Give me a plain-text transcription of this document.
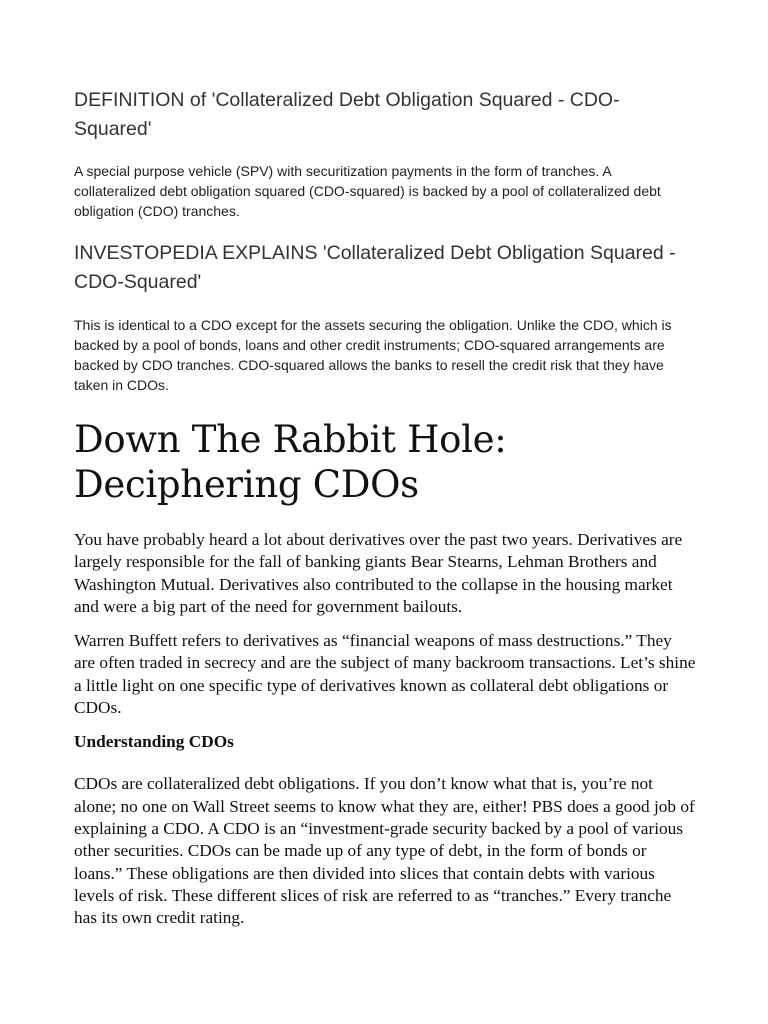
DEFINITION of 'Collateralized Debt Obligation Squared - CDO-Squared'

A special purpose vehicle (SPV) with securitization payments in the form of tranches. A collateralized debt obligation squared (CDO-squared) is backed by a pool of collateralized debt obligation (CDO) tranches.

INVESTOPEDIA EXPLAINS 'Collateralized Debt Obligation Squared - CDO-Squared'

This is identical to a CDO except for the assets securing the obligation. Unlike the CDO, which is backed by a pool of bonds, loans and other credit instruments; CDO-squared arrangements are backed by CDO tranches. CDO-squared allows the banks to resell the credit risk that they have taken in CDOs.

Down The Rabbit Hole: Deciphering CDOs

You have probably heard a lot about derivatives over the past two years. Derivatives are largely responsible for the fall of banking giants Bear Stearns, Lehman Brothers and Washington Mutual. Derivatives also contributed to the collapse in the housing market and were a big part of the need for government bailouts.

Warren Buffett refers to derivatives as “financial weapons of mass destructions.” They are often traded in secrecy and are the subject of many backroom transactions. Let’s shine a little light on one specific type of derivatives known as collateral debt obligations or CDOs.

Understanding CDOs

CDOs are collateralized debt obligations. If you don’t know what that is, you’re not alone; no one on Wall Street seems to know what they are, either! PBS does a good job of explaining a CDO. A CDO is an “investment-grade security backed by a pool of various other securities. CDOs can be made up of any type of debt, in the form of bonds or loans.” These obligations are then divided into slices that contain debts with various levels of risk. These different slices of risk are referred to as “tranches.” Every tranche has its own credit rating.
